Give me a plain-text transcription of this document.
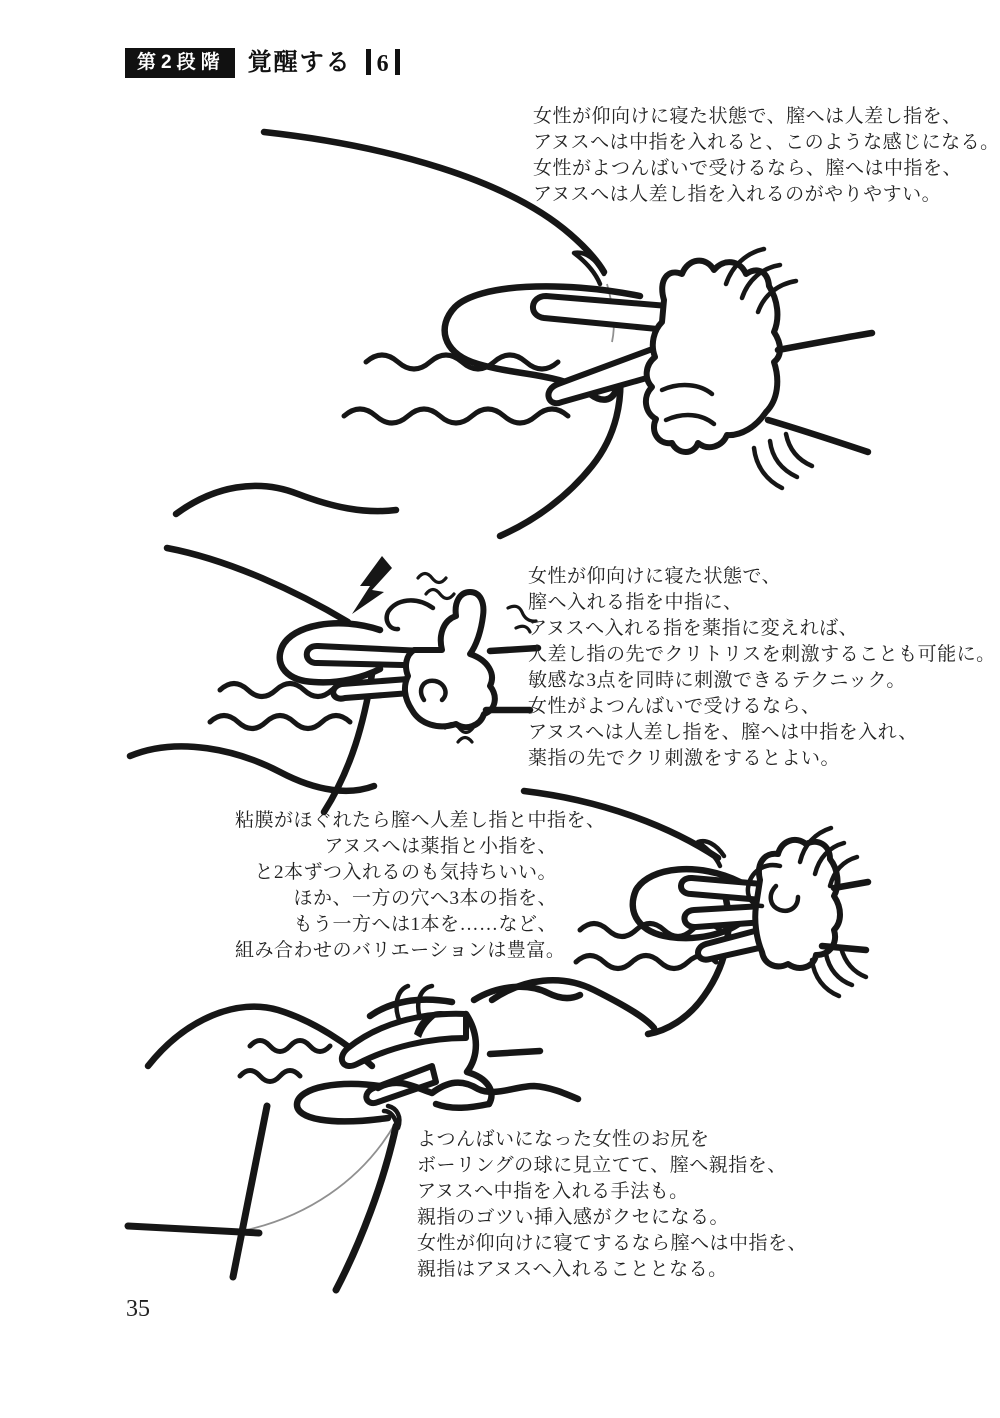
第2段階 覚醒する	6
女性が仰向けに寝た状態で、膣へは人差し指を、
アヌスへは中指を入れると、このような感じになる。
女性がよつんばいで受けるなら、膣へは中指を、
アヌスへは人差し指を入れるのがやりやすい。
女性が仰向けに寝た状態で、
膣へ入れる指を中指に、
アヌスへ入れる指を薬指に変えれば、
人差し指の先でクリトリスを刺激することも可能に。
敏感な3点を同時に刺激できるテクニック。
女性がよつんばいで受けるなら、
アヌスへは人差し指を、膣へは中指を入れ、
薬指の先でクリ刺激をするとよい。
粘膜がほぐれたら膣へ人差し指と中指を、
アヌスへは薬指と小指を、
と2本ずつ入れるのも気持ちいい。
ほか、一方の穴へ3本の指を、
もう一方へは1本を……など、
組み合わせのバリエーションは豊富。
よつんばいになった女性のお尻を
ボーリングの球に見立てて、膣へ親指を、
アヌスへ中指を入れる手法も。
親指のゴツい挿入感がクセになる。
女性が仰向けに寝てするなら膣へは中指を、
親指はアヌスへ入れることとなる。
35
